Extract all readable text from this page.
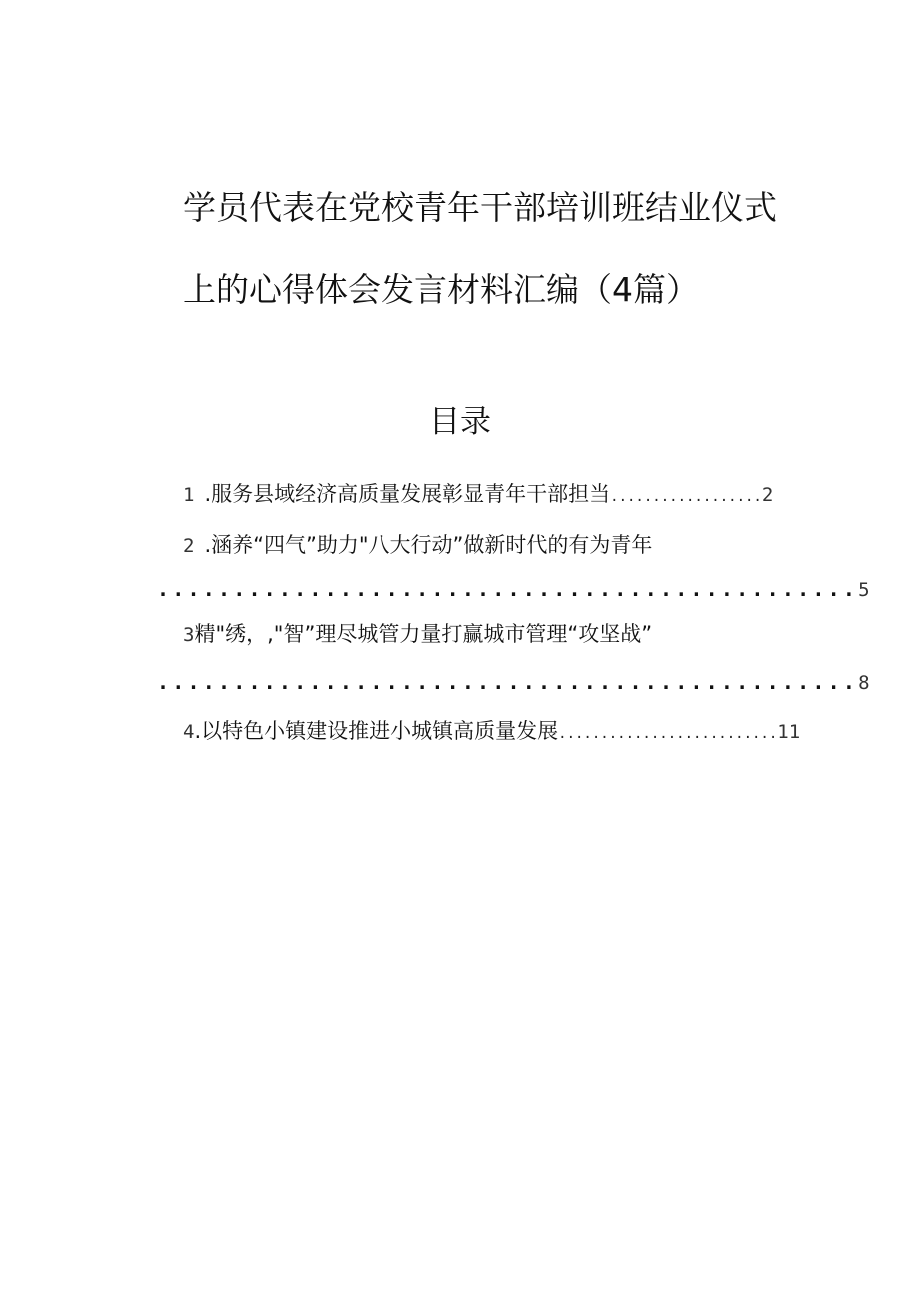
学员代表在党校青年干部培训班结业仪式
上的心得体会发言材料汇编（4篇）
目录
1 .服务县域经济高质量发展彰显青年干部担当..................2
2 .涵养“四气”助力"八大行动”做新时代的有为青年
..............................................5
3精"绣，,"智”理尽城管力量打赢城市管理“攻坚战”
..............................................8
4.以特色小镇建设推进小城镇高质量发展..........................11
